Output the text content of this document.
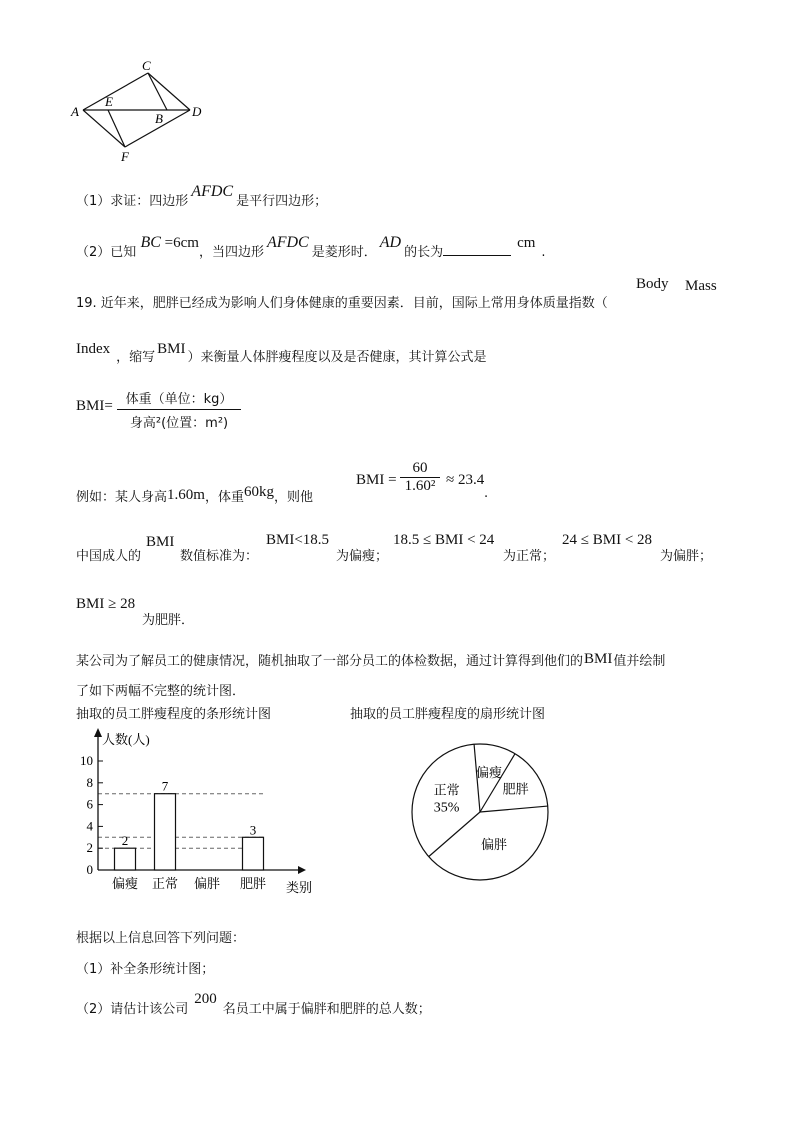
C
A
E
B D
F
（1）求证：四边形AFDC是平行四边形；
（2）已知 BC =6cm，当四边形AFDC是菱形时．AD的长为cm.
19. 近年来，肥胖已经成为影响人们身体健康的重要因素．目前，国际上常用身体质量指数（
Body Mass
Index，缩写BMI）来衡量人体胖瘦程度以及是否健康，其计算公式是
BMI= 体重（单位：kg）
身高²(位置：m²)
例如：某人身高1.60m，体重60kg，则他
BMI =
60
1.60² ≈ 23.4
.
中国成人的
BMI
数值标准为：
BMI<18.5
为偏瘦；
18.5 ≤ BMI < 24
为正常；
24 ≤ BMI < 28
为偏胖；
BMI ≥ 28
为肥胖．
某公司为了解员工的健康情况，随机抽取了一部分员工的体检数据，通过计算得到他们的BMI值并绘制
了如下两幅不完整的统计图．
抽取的员工胖瘦程度的条形统计图	抽取的员工胖瘦程度的扇形统计图
0
2
4
6
8
10
2
偏瘦
7
正常 偏胖
3
肥胖
人数(人)
类别
偏瘦
肥胖
偏胖
正常
35%
根据以上信息回答下列问题：
（1）补全条形统计图；
（2）请估计该公司200名员工中属于偏胖和肥胖的总人数；
